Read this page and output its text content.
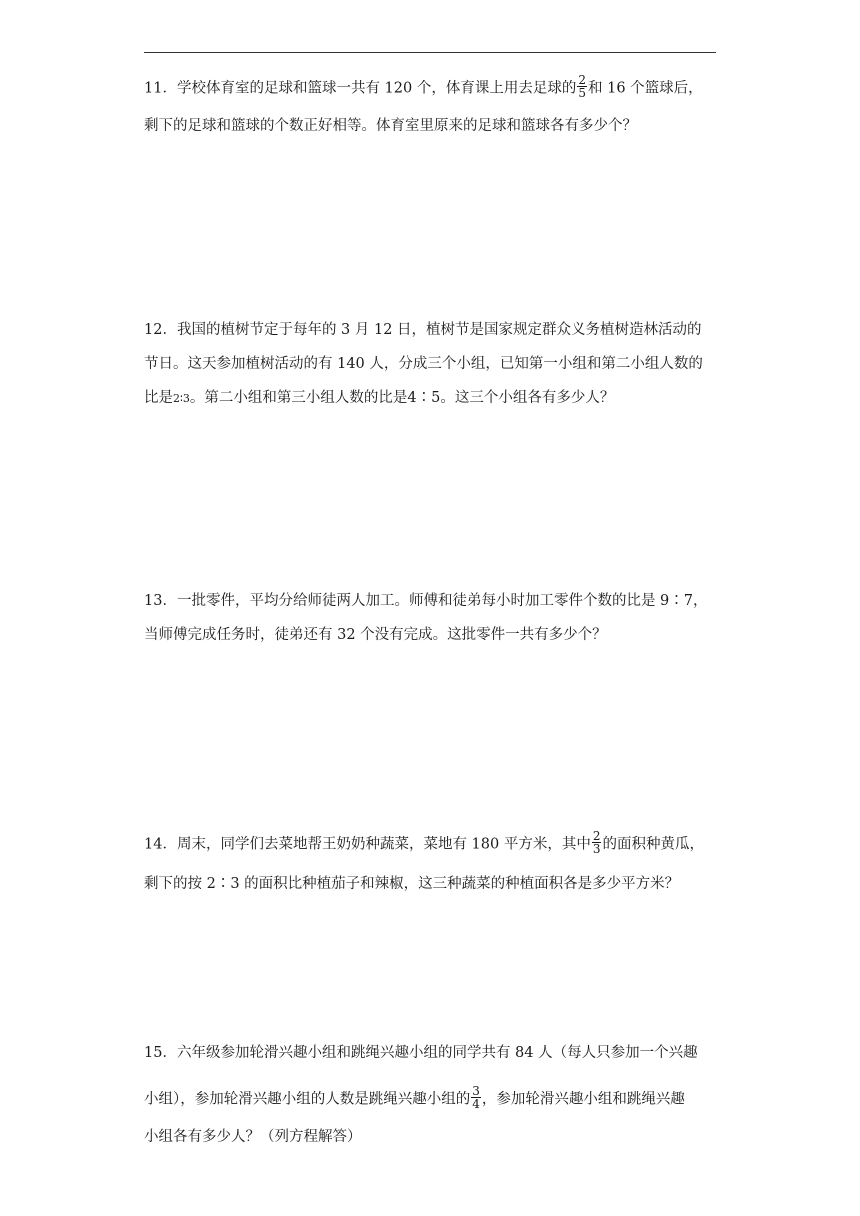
11．学校体育室的足球和篮球一共有 120 个，体育课上用去足球的 $\frac{2}{5}$ 和 16 个篮球后，
剩下的足球和篮球的个数正好相等。体育室里原来的足球和篮球各有多少个？
12．我国的植树节定于每年的 3 月 12 日，植树节是国家规定群众义务植树造林活动的
节日。这天参加植树活动的有 140 人，分成三个小组，已知第一小组和第二小组人数的
比是2∶3。第二小组和第三小组人数的比是4∶5。这三个小组各有多少人？
13．一批零件，平均分给师徒两人加工。师傅和徒弟每小时加工零件个数的比是 9∶7，
当师傅完成任务时，徒弟还有 32 个没有完成。这批零件一共有多少个？
14．周末，同学们去菜地帮王奶奶种蔬菜，菜地有 180 平方米，其中 $\frac{2}{3}$ 的面积种黄瓜，
剩下的按 2∶3 的面积比种植茄子和辣椒，这三种蔬菜的种植面积各是多少平方米？
15．六年级参加轮滑兴趣小组和跳绳兴趣小组的同学共有 84 人（每人只参加一个兴趣
小组），参加轮滑兴趣小组的人数是跳绳兴趣小组的 $\frac{3}{4}$ ，参加轮滑兴趣小组和跳绳兴趣
小组各有多少人？（列方程解答）
